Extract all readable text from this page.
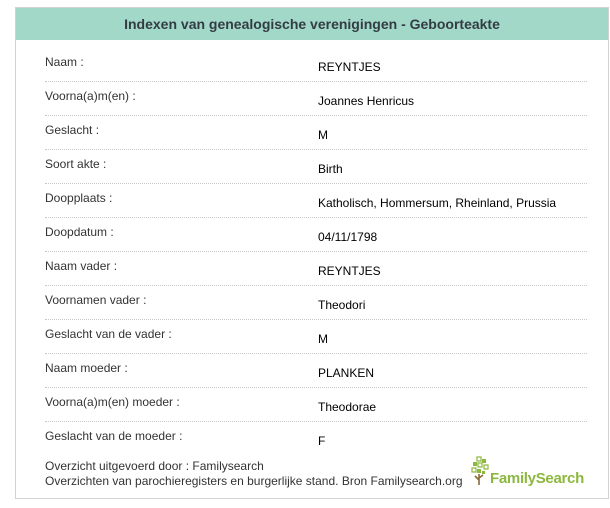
Indexen van genealogische verenigingen - Geboorteakte
Naam :	REYNTJES
Voorna(a)m(en) :	Joannes Henricus
Geslacht :	M
Soort akte :	Birth
Doopplaats :	Katholisch, Hommersum, Rheinland, Prussia
Doopdatum :	04/11/1798
Naam vader :	REYNTJES
Voornamen vader :	Theodori
Geslacht van de vader :	M
Naam moeder :	PLANKEN
Voorna(a)m(en) moeder :	Theodorae
Geslacht van de moeder :	F
Overzicht uitgevoerd door : Familysearch
Overzichten van parochieregisters en burgerlijke stand. Bron Familysearch.org FamilySearch
